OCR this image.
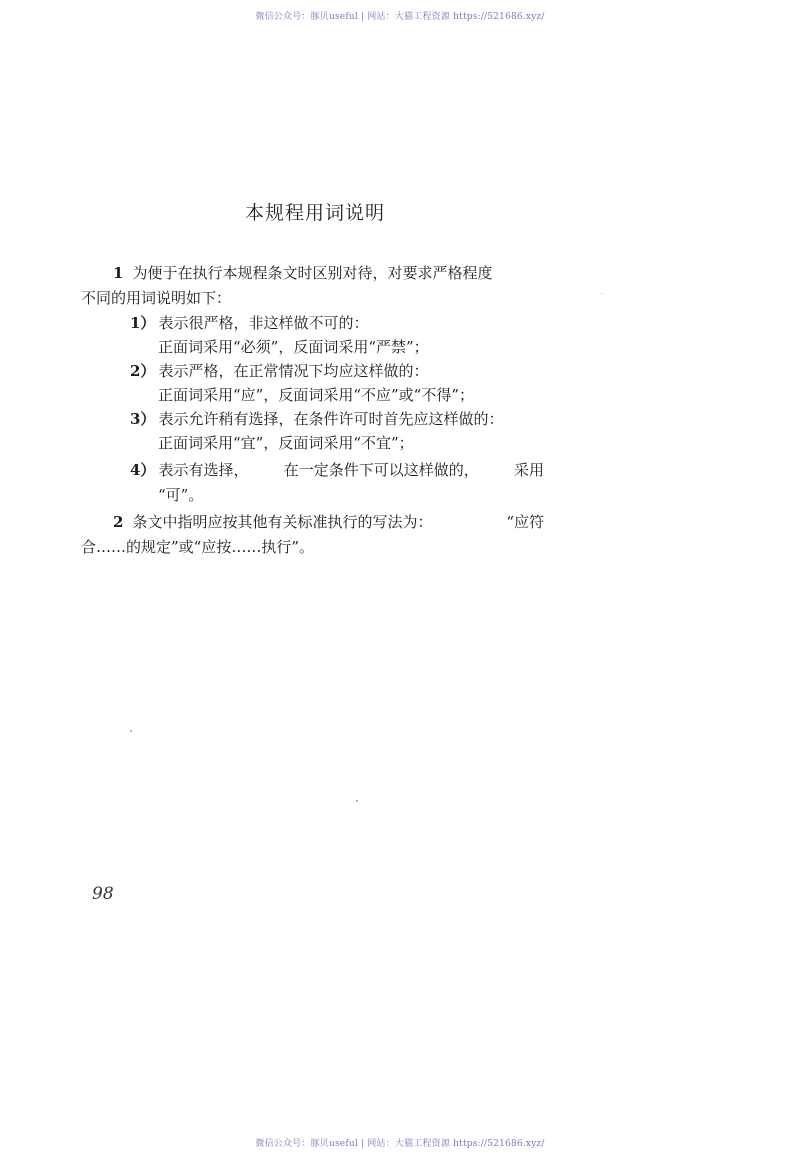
微信公众号：豚贝useful | 网站：大猫工程资源 https://521686.xyz/
本规程用词说明
1 为便于在执行本规程条文时区别对待，对要求严格程度
不同的用词说明如下：
1） 表示很严格，非这样做不可的：
正面词采用“必须”，反面词采用“严禁”；
2） 表示严格，在正常情况下均应这样做的：
正面词采用“应”，反面词采用“不应”或“不得”；
3） 表示允许稍有选择，在条件许可时首先应这样做的：
正面词采用“宜”，反面词采用“不宜”；
4） 表示有选择， 在一定条件下可以这样做的， 采用
“可”。
2 条文中指明应按其他有关标准执行的写法为：	“应符
合……的规定”或“应按……执行”。
98
微信公众号：豚贝useful | 网站：大猫工程资源 https://521686.xyz/
